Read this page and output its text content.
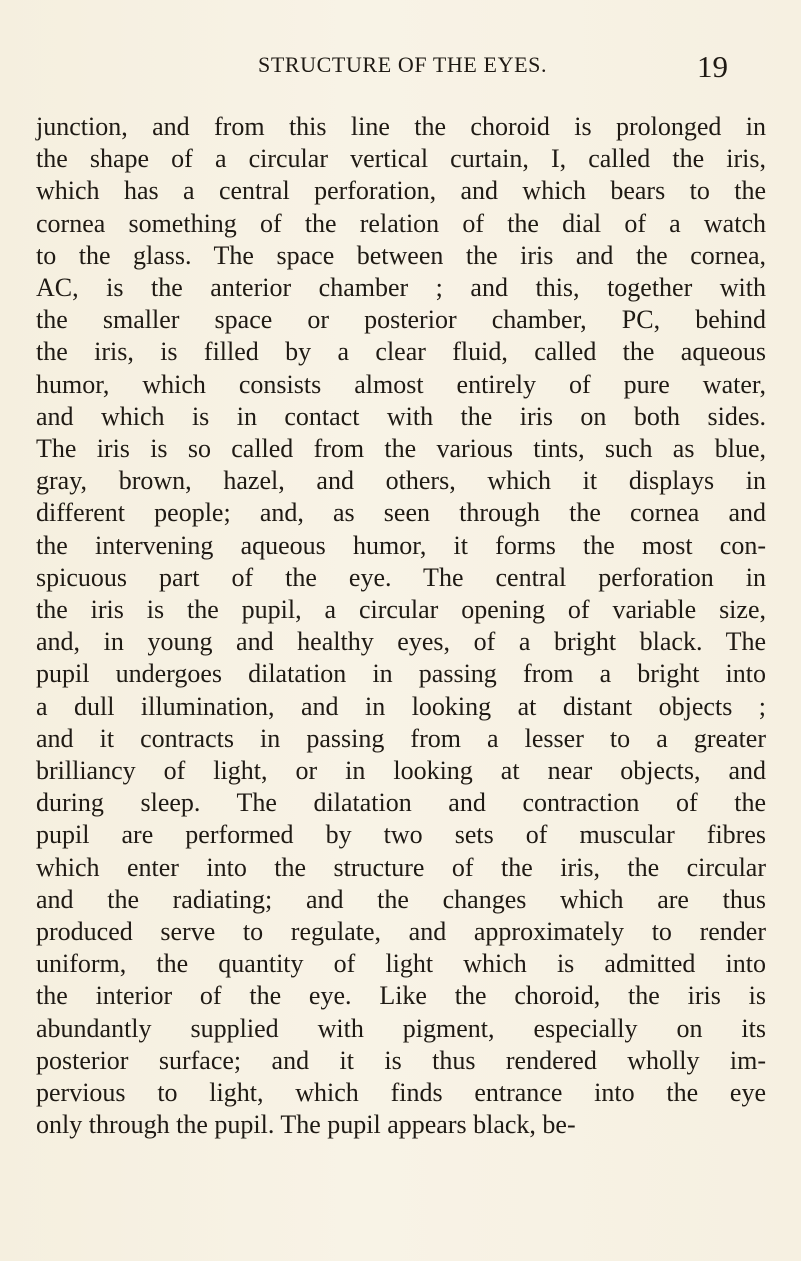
STRUCTURE OF THE EYES.	19
junction, and from this line the choroid is prolonged in
the shape of a circular vertical curtain, I, called the iris,
which has a central perforation, and which bears to the
cornea something of the relation of the dial of a watch
to the glass. The space between the iris and the cornea,
AC, is the anterior chamber ; and this, together with
the smaller space or posterior chamber, PC, behind
the iris, is filled by a clear fluid, called the aqueous
humor, which consists almost entirely of pure water,
and which is in contact with the iris on both sides.
The iris is so called from the various tints, such as blue,
gray, brown, hazel, and others, which it displays in
different people; and, as seen through the cornea and
the intervening aqueous humor, it forms the most con-
spicuous part of the eye. The central perforation in
the iris is the pupil, a circular opening of variable size,
and, in young and healthy eyes, of a bright black. The
pupil undergoes dilatation in passing from a bright into
a dull illumination, and in looking at distant objects ;
and it contracts in passing from a lesser to a greater
brilliancy of light, or in looking at near objects, and
during sleep. The dilatation and contraction of the
pupil are performed by two sets of muscular fibres
which enter into the structure of the iris, the circular
and the radiating; and the changes which are thus
produced serve to regulate, and approximately to render
uniform, the quantity of light which is admitted into
the interior of the eye. Like the choroid, the iris is
abundantly supplied with pigment, especially on its
posterior surface; and it is thus rendered wholly im-
pervious to light, which finds entrance into the eye
only through the pupil. The pupil appears black, be-
